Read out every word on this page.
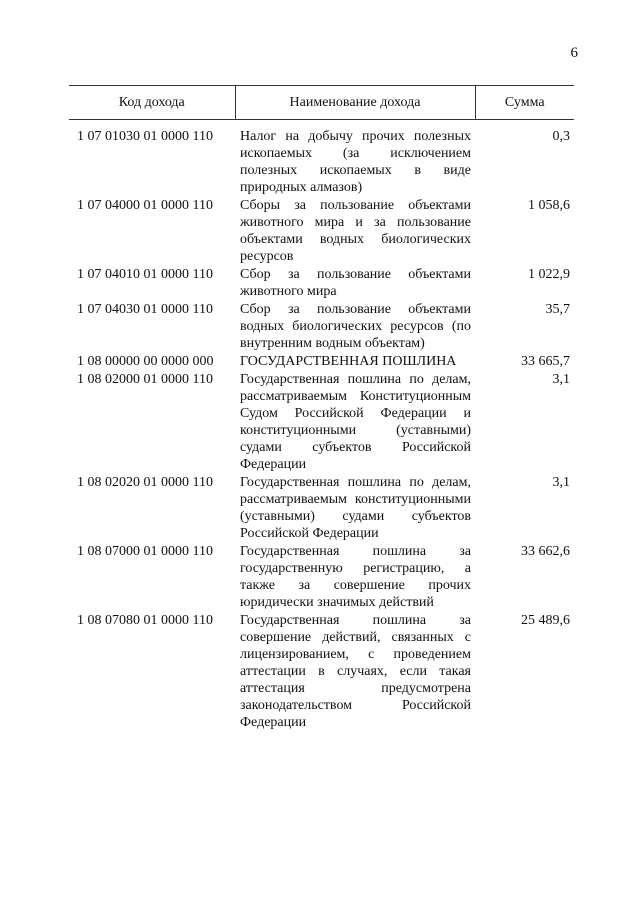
6
Код дохода	Наименование дохода	Сумма
1 07 01030 01 0000 110	Налог на добычу прочих полезных ископаемых (за исключением полезных ископаемых в виде природных алмазов)	0,3
1 07 04000 01 0000 110	Сборы за пользование объектами животного мира и за пользование объектами водных биологических ресурсов	1 058,6
1 07 04010 01 0000 110	Сбор за пользование объектами животного мира	1 022,9
1 07 04030 01 0000 110	Сбор за пользование объектами водных биологических ресурсов (по внутренним водным объектам)	35,7
1 08 00000 00 0000 000	ГОСУДАРСТВЕННАЯ ПОШЛИНА	33 665,7
1 08 02000 01 0000 110	Государственная пошлина по делам, рассматриваемым Конституционным Судом Российской Федерации и конституционными (уставными) судами субъектов Российской Федерации	3,1
1 08 02020 01 0000 110	Государственная пошлина по делам, рассматриваемым конституционными (уставными) судами субъектов Российской Федерации	3,1
1 08 07000 01 0000 110	Государственная пошлина за государственную регистрацию, а также за совершение прочих юридически значимых действий	33 662,6
1 08 07080 01 0000 110	Государственная пошлина за совершение действий, связанных с лицензированием, с проведением аттестации в случаях, если такая аттестация предусмотрена законодательством Российской Федерации	25 489,6
